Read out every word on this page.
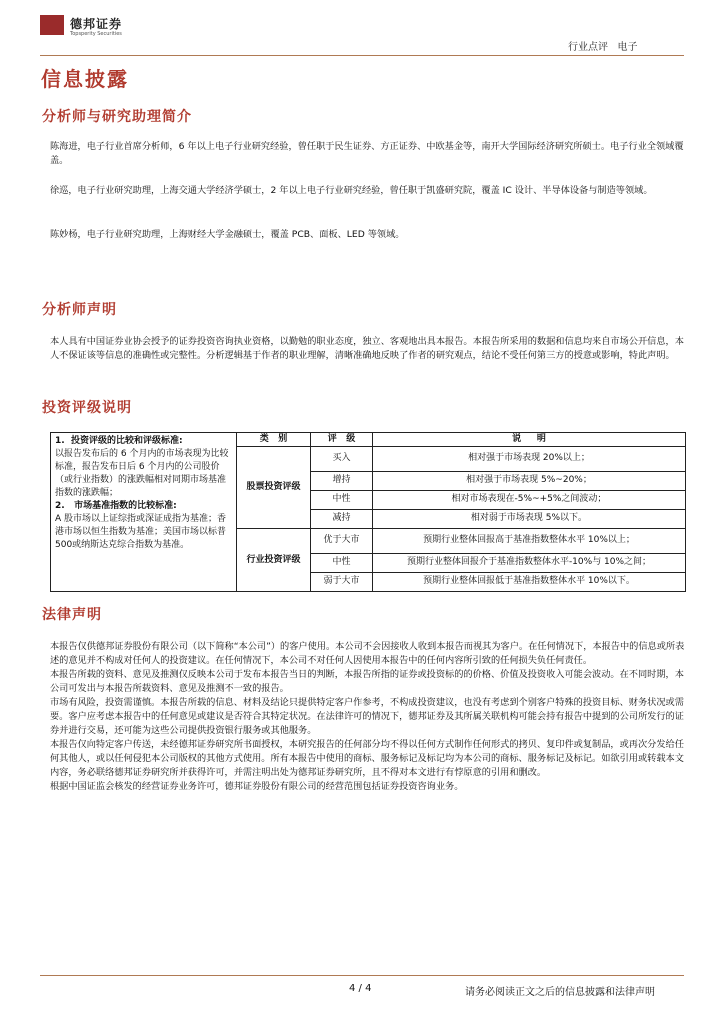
德邦证券
Topsperity Securities
行业点评 电子
信息披露
分析师与研究助理简介

陈海进，电子行业首席分析师，6 年以上电子行业研究经验，曾任职于民生证券、方正证券、中欧基金等，南开大学国际经济研究所硕士。电子行业全领域覆盖。

徐巡，电子行业研究助理，上海交通大学经济学硕士，2 年以上电子行业研究经验，曾任职于凯盛研究院，覆盖 IC 设计、半导体设备与制造等领域。

陈妙杨，电子行业研究助理，上海财经大学金融硕士，覆盖 PCB、面板、LED 等领域。

分析师声明

本人具有中国证券业协会授予的证券投资咨询执业资格，以勤勉的职业态度，独立、客观地出具本报告。本报告所采用的数据和信息均来自市场公开信息，本人不保证该等信息的准确性或完整性。分析逻辑基于作者的职业理解，清晰准确地反映了作者的研究观点，结论不受任何第三方的授意或影响，特此声明。

投资评级说明
1.  投资评级的比较和评级标准:
以报告发布后的 6 个月内的市场表现为比较标准，报告发布日后 6 个月内的公司股价（或行业指数）的涨跌幅相对同期市场基准指数的涨跌幅；
2.   市场基准指数的比较标准:
A 股市场以上证综指或深证成指为基准；香港市场以恒生指数为基准；美国市场以标普500或纳斯达克综合指数为基准。	类   别	评   级	说     明
	股票投资评级	买入	相对强于市场表现 20%以上；
		增持	相对强于市场表现 5%~20%；
		中性	相对市场表现在-5%~+5%之间波动；
		减持	相对弱于市场表现 5%以下。
	行业投资评级	优于大市	预期行业整体回报高于基准指数整体水平 10%以上；
		中性	预期行业整体回报介于基准指数整体水平-10%与 10%之间；
		弱于大市	预期行业整体回报低于基准指数整体水平 10%以下。
法律声明

本报告仅供德邦证券股份有限公司（以下简称“本公司”）的客户使用。本公司不会因接收人收到本报告而视其为客户。在任何情况下，本报告中的信息或所表述的意见并不构成对任何人的投资建议。在任何情况下，本公司不对任何人因使用本报告中的任何内容所引致的任何损失负任何责任。
本报告所载的资料、意见及推测仅反映本公司于发布本报告当日的判断，本报告所指的证券或投资标的的价格、价值及投资收入可能会波动。在不同时期，本公司可发出与本报告所载资料、意见及推测不一致的报告。
市场有风险，投资需谨慎。本报告所载的信息、材料及结论只提供特定客户作参考，不构成投资建议，也没有考虑到个别客户特殊的投资目标、财务状况或需要。客户应考虑本报告中的任何意见或建议是否符合其特定状况。在法律许可的情况下，德邦证券及其所属关联机构可能会持有报告中提到的公司所发行的证券并进行交易，还可能为这些公司提供投资银行服务或其他服务。
本报告仅向特定客户传送，未经德邦证券研究所书面授权，本研究报告的任何部分均不得以任何方式制作任何形式的拷贝、复印件或复制品，或再次分发给任何其他人，或以任何侵犯本公司版权的其他方式使用。所有本报告中使用的商标、服务标记及标记均为本公司的商标、服务标记及标记。如欲引用或转载本文内容，务必联络德邦证券研究所并获得许可，并需注明出处为德邦证券研究所，且不得对本文进行有悖原意的引用和删改。
根据中国证监会核发的经营证券业务许可，德邦证券股份有限公司的经营范围包括证券投资咨询业务。

4 / 4	请务必阅读正文之后的信息披露和法律声明
